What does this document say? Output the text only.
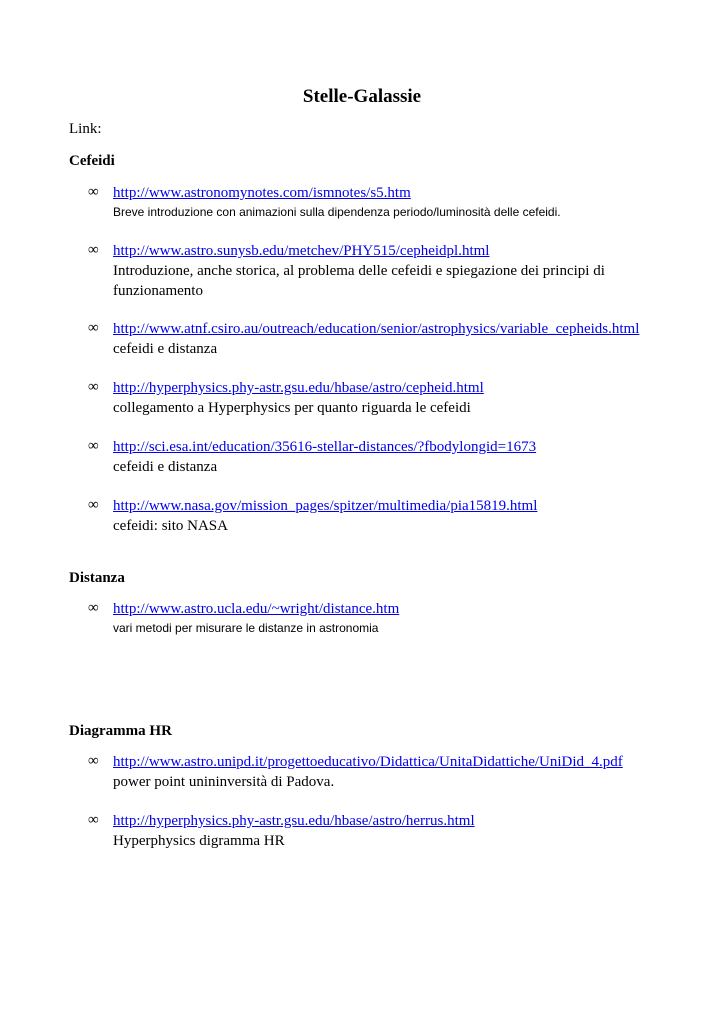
Stelle-Galassie
Link:
Cefeidi
∞ http://www.astronomynotes.com/ismnotes/s5.htm
Breve introduzione con animazioni sulla dipendenza periodo/luminosità delle cefeidi.
∞ http://www.astro.sunysb.edu/metchev/PHY515/cepheidpl.html
Introduzione, anche storica, al problema delle cefeidi e spiegazione dei principi di funzionamento
∞ http://www.atnf.csiro.au/outreach/education/senior/astrophysics/variable_cepheids.html
cefeidi e distanza
∞ http://hyperphysics.phy-astr.gsu.edu/hbase/astro/cepheid.html
collegamento a Hyperphysics per quanto riguarda le cefeidi
∞ http://sci.esa.int/education/35616-stellar-distances/?fbodylongid=1673
cefeidi e distanza
∞ http://www.nasa.gov/mission_pages/spitzer/multimedia/pia15819.html
cefeidi: sito NASA
Distanza
∞ http://www.astro.ucla.edu/~wright/distance.htm
vari metodi per misurare le distanze in astronomia
Diagramma HR
∞ http://www.astro.unipd.it/progettoeducativo/Didattica/UnitaDidattiche/UniDid_4.pdf
power point unininversità di Padova.
∞ http://hyperphysics.phy-astr.gsu.edu/hbase/astro/herrus.html
Hyperphysics digramma HR
